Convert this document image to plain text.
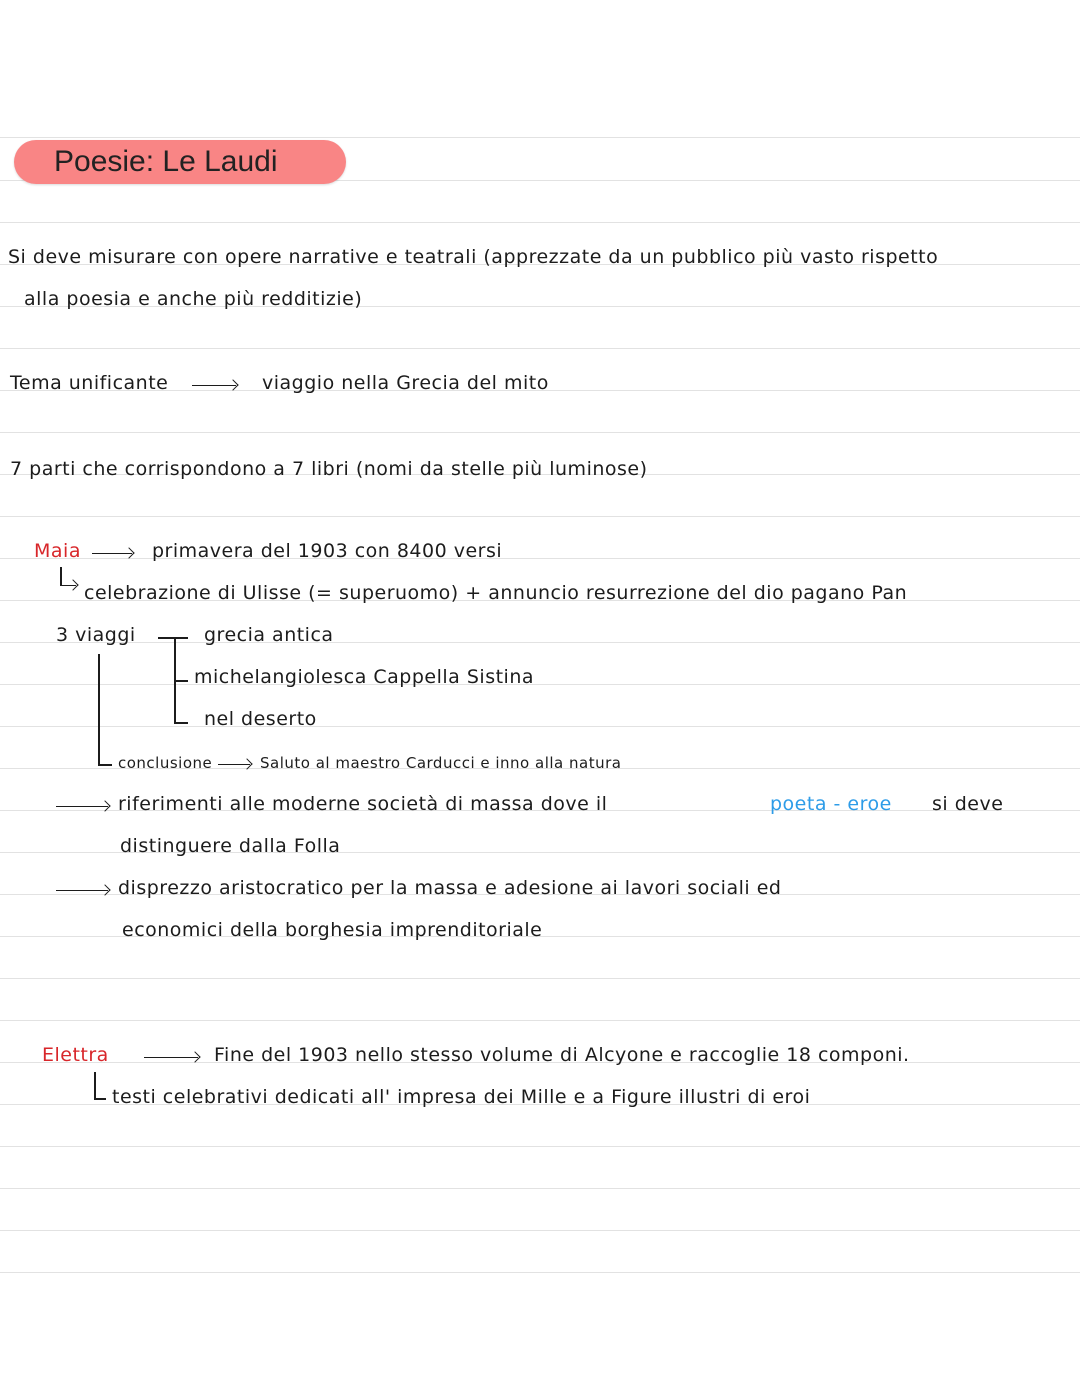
Poesie: Le Laudi
Si deve misurare con opere narrative e teatrali (apprezzate da un pubblico più vasto rispetto
alla poesia e anche più redditizie)
Tema unificante	viaggio nella Grecia del mito
7 parti che corrispondono a 7 libri (nomi da stelle più luminose)
Maia	primavera del 1903 con 8400 versi
celebrazione di Ulisse (= superuomo) + annuncio resurrezione del dio pagano Pan
3 viaggi	grecia antica
michelangiolesca Cappella Sistina
nel deserto
conclusione	Saluto al maestro Carducci e inno alla natura
riferimenti alle moderne società di massa dove il	poeta - eroe si deve
distinguere dalla Folla
disprezzo aristocratico per la massa e adesione ai lavori sociali ed
economici della borghesia imprenditoriale
Elettra	Fine del 1903 nello stesso volume di Alcyone e raccoglie 18 componi.
testi celebrativi dedicati all' impresa dei Mille e a Figure illustri di eroi
